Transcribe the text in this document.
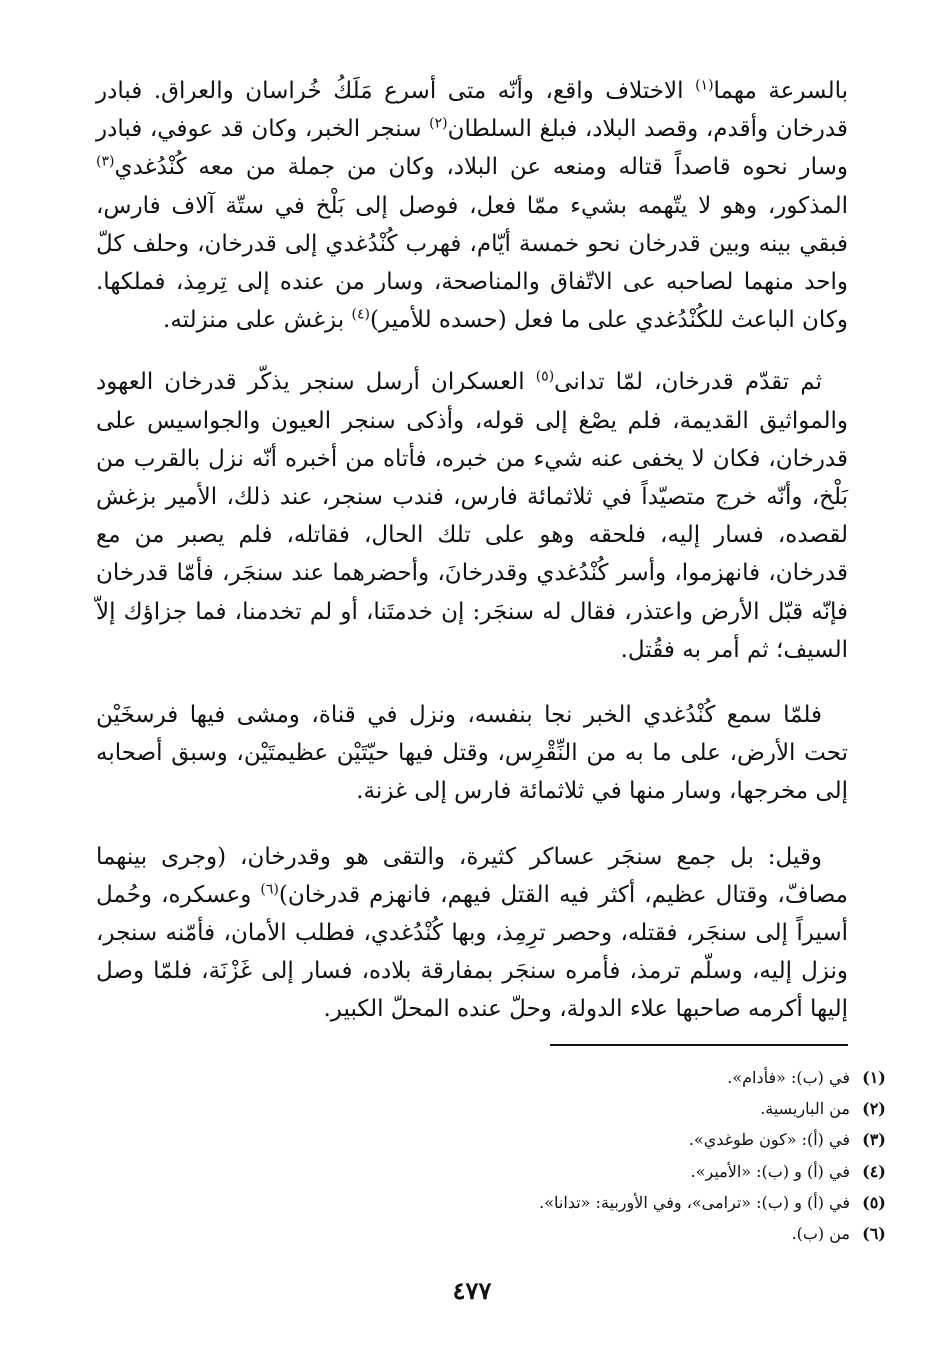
بالسرعة مهما$^{(١)}$ الاختلاف واقع، وأنّه متى أسرع مَلَكُ خُراسان والعراق. فبادر قدرخان وأقدم، وقصد البلاد، فبلغ السلطان$^{(٢)}$ سنجر الخبر، وكان قد عوفي، فبادر وسار نحوه قاصداً قتاله ومنعه عن البلاد، وكان من جملة من معه كُنْدُغدي$^{(٣)}$ المذكور، وهو لا يتّهمه بشيء ممّا فعل، فوصل إلى بَلْخ في ستّة آلاف فارس، فبقي بينه وبين قدرخان نحو خمسة أيّام، فهرب كُنْدُغدي إلى قدرخان، وحلف كلّ واحد منهما لصاحبه عى الاتّفاق والمناصحة، وسار من عنده إلى تِرمِذ، فملكها. وكان الباعث للكُنْدُغدي على ما فعل (حسده للأمير)$^{(٤)}$ بزغش على منزلته.

ثم تقدّم قدرخان، لمّا تدانى$^{(٥)}$ العسكران أرسل سنجر يذكّر قدرخان العهود والمواثيق القديمة، فلم يصْغ إلى قوله، وأذكى سنجر العيون والجواسيس على قدرخان، فكان لا يخفى عنه شيء من خبره، فأتاه من أخبره أنّه نزل بالقرب من بَلْخ، وأنّه خرج متصيّداً في ثلاثمائة فارس، فندب سنجر، عند ذلك، الأمير بزغش لقصده، فسار إليه، فلحقه وهو على تلك الحال، فقاتله، فلم يصبر من مع قدرخان، فانهزموا، وأسر كُنْدُغدي وقدرخانَ، وأحضرهما عند سنجَر، فأمّا قدرخان فإنّه قبّل الأرض واعتذر، فقال له سنجَر: إن خدمتَنا، أو لم تخدمنا، فما جزاؤك إلاّ السيف؛ ثم أمر به فقُتل.

فلمّا سمع كُنْدُغدي الخبر نجا بنفسه، ونزل في قناة، ومشى فيها فرسخَيْن تحت الأرض، على ما به من النِّقْرِس، وقتل فيها حيّتَيْن عظيمتَيْن، وسبق أصحابه إلى مخرجها، وسار منها في ثلاثمائة فارس إلى غزنة.

وقيل: بل جمع سنجَر عساكر كثيرة، والتقى هو وقدرخان، (وجرى بينهما مصافّ، وقتال عظيم، أكثر فيه القتل فيهم، فانهزم قدرخان)$^{(٦)}$ وعسكره، وحُمل أسيراً إلى سنجَر، فقتله، وحصر ترِمِذ، وبها كُنْدُغدي، فطلب الأمان، فأمّنه سنجر، ونزل إليه، وسلّم ترمذ، فأمره سنجَر بمفارقة بلاده، فسار إلى غَزْنَة، فلمّا وصل إليها أكرمه صاحبها علاء الدولة، وحلّ عنده المحلّ الكبير.

(١)في (ب): «فأدام».
(٢)من الباريسية.
(٣)في (أ): «كون طوغدي».
(٤)في (أ) و (ب): «الأمير».
(٥)في (أ) و (ب): «ترامى»، وفي الأوربية: «تدانا».
(٦)من (ب).
٤٧٧
